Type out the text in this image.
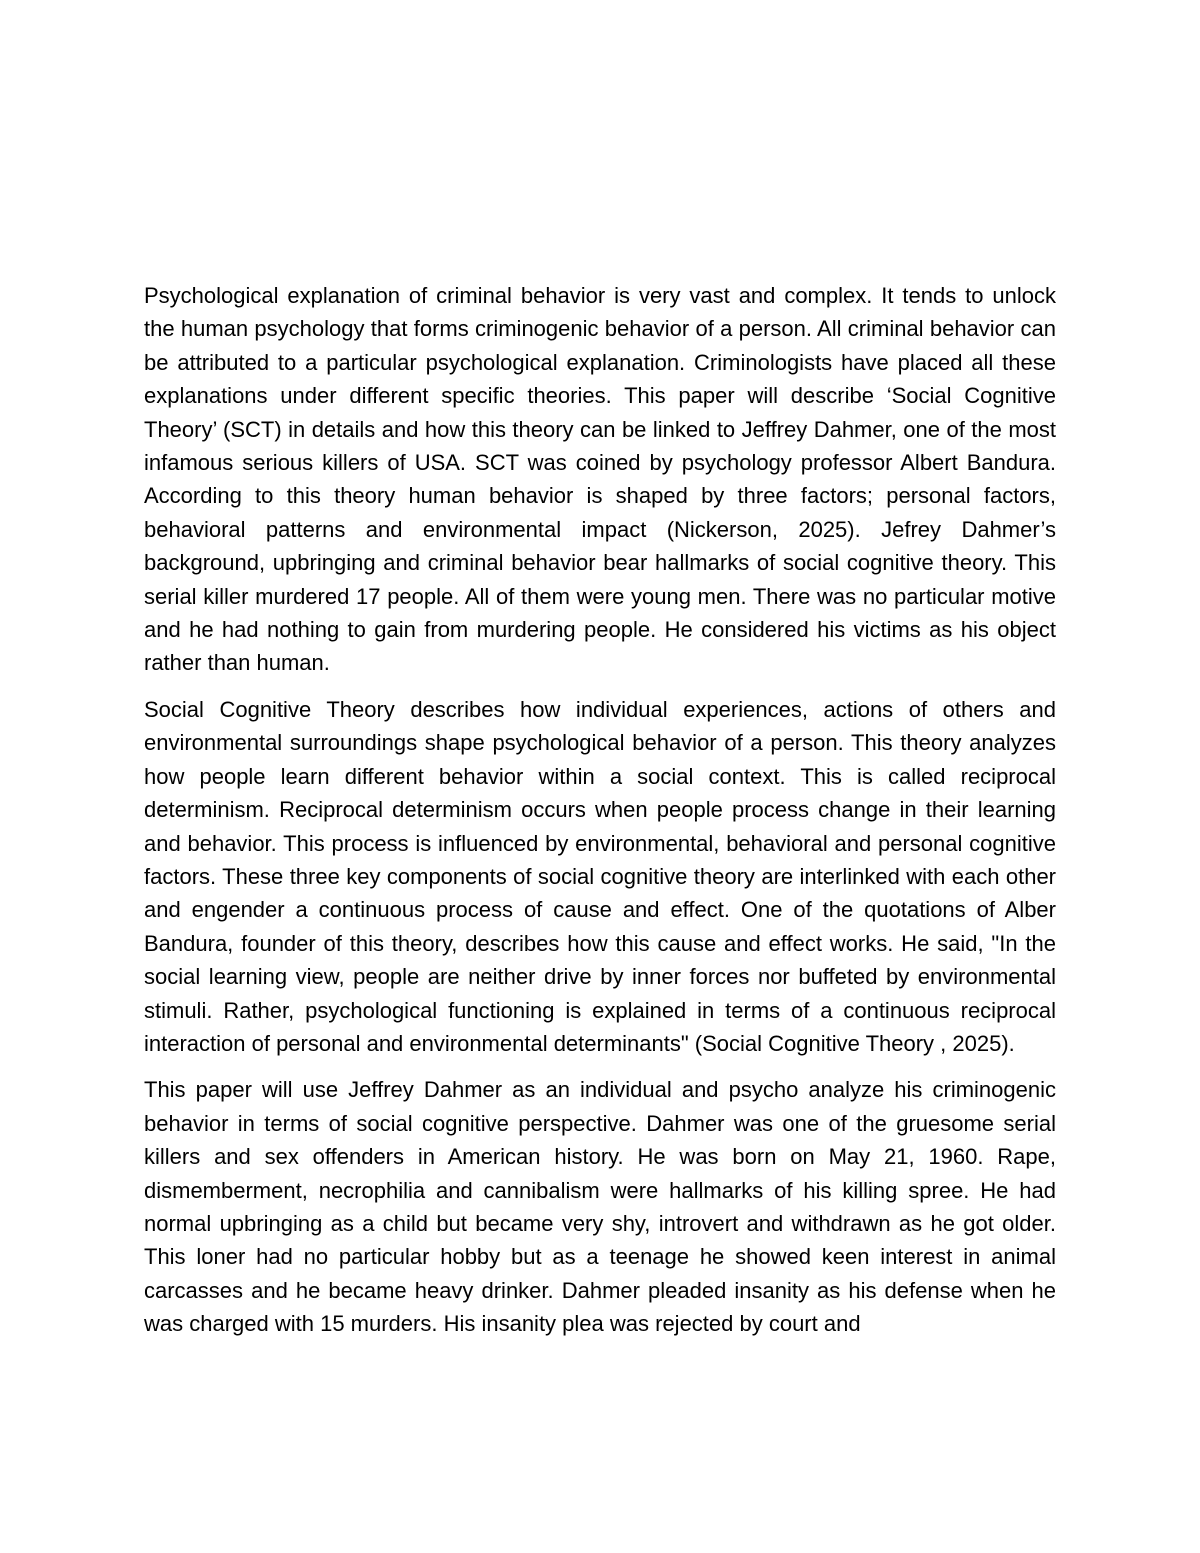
Psychological explanation of criminal behavior is very vast and complex. It tends to unlock the human psychology that forms criminogenic behavior of a person. All criminal behavior can be attributed to a particular psychological explanation. Criminologists have placed all these explanations under different specific theories. This paper will describe ‘Social Cognitive Theory’ (SCT) in details and how this theory can be linked to Jeffrey Dahmer, one of the most infamous serious killers of USA. SCT was coined by psychology professor Albert Bandura. According to this theory human behavior is shaped by three factors; personal factors, behavioral patterns and environmental impact (Nickerson, 2025). Jefrey Dahmer’s background, upbringing and criminal behavior bear hallmarks of social cognitive theory. This serial killer murdered 17 people. All of them were young men. There was no particular motive and he had nothing to gain from murdering people. He considered his victims as his object rather than human.

Social Cognitive Theory describes how individual experiences, actions of others and environmental surroundings shape psychological behavior of a person. This theory analyzes how people learn different behavior within a social context. This is called reciprocal determinism. Reciprocal determinism occurs when people process change in their learning and behavior. This process is influenced by environmental, behavioral and personal cognitive factors. These three key components of social cognitive theory are interlinked with each other and engender a continuous process of cause and effect. One of the quotations of Alber Bandura, founder of this theory, describes how this cause and effect works. He said, "In the social learning view, people are neither drive by inner forces nor buffeted by environmental stimuli. Rather, psychological functioning is explained in terms of a continuous reciprocal interaction of personal and environmental determinants" (Social Cognitive Theory , 2025).

This paper will use Jeffrey Dahmer as an individual and psycho analyze his criminogenic behavior in terms of social cognitive perspective. Dahmer was one of the gruesome serial killers and sex offenders in American history. He was born on May 21, 1960. Rape, dismemberment, necrophilia and cannibalism were hallmarks of his killing spree. He had normal upbringing as a child but became very shy, introvert and withdrawn as he got older. This loner had no particular hobby but as a teenage he showed keen interest in animal carcasses and he became heavy drinker. Dahmer pleaded insanity as his defense when he was charged with 15 murders. His insanity plea was rejected by court and
